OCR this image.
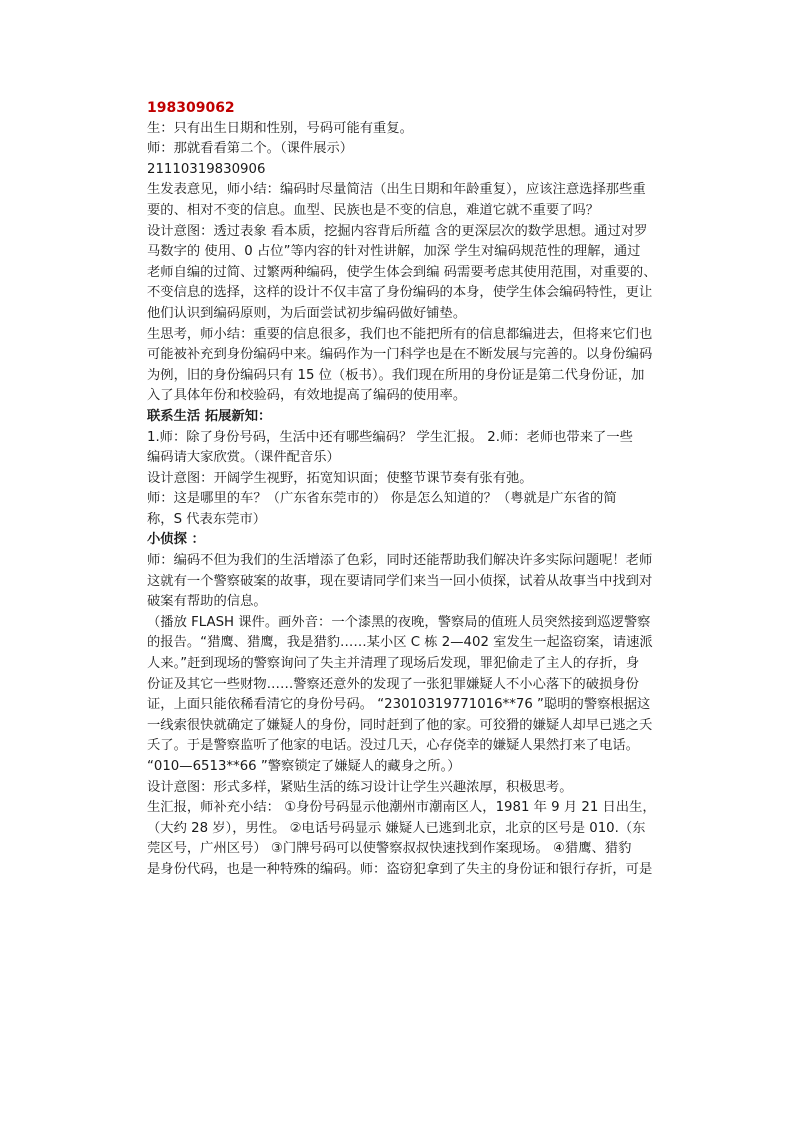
198309062
生：只有出生日期和性别，号码可能有重复。
师：那就看看第二个。（课件展示）
21110319830906
生发表意见，师小结：编码时尽量简洁（出生日期和年龄重复），应该注意选择那些重
要的、相对不变的信息。血型、民族也是不变的信息，难道它就不重要了吗？
设计意图：透过表象 看本质，挖掘内容背后所蕴 含的更深层次的数学思想。通过对罗
马数字的 使用、0 占位”等内容的针对性讲解，加深 学生对编码规范性的理解，通过
老师自编的过简、过繁两种编码，使学生体会到编 码需要考虑其使用范围，对重要的、
不变信息的选择，这样的设计不仅丰富了身份编码的本身，使学生体会编码特性，更让
他们认识到编码原则，为后面尝试初步编码做好铺垫。
生思考，师小结：重要的信息很多，我们也不能把所有的信息都编进去，但将来它们也
可能被补充到身份编码中来。编码作为一门科学也是在不断发展与完善的。以身份编码
为例，旧的身份编码只有 15 位（板书）。我们现在所用的身份证是第二代身份证，加
入了具体年份和校验码，有效地提高了编码的使用率。
联系生活 拓展新知：
1.师：除了身份号码，生活中还有哪些编码？ 学生汇报。 2.师：老师也带来了一些
编码请大家欣赏。（课件配音乐）
设计意图：开阔学生视野，拓宽知识面；使整节课节奏有张有弛。
师：这是哪里的车？（广东省东莞市的） 你是怎么知道的？（粤就是广东省的简
称，S 代表东莞市）
小侦探 ：
师：编码不但为我们的生活增添了色彩，同时还能帮助我们解决许多实际问题呢！老师
这就有一个警察破案的故事，现在要请同学们来当一回小侦探，试着从故事当中找到对
破案有帮助的信息。
（播放 FLASH 课件。画外音：一个漆黑的夜晚，警察局的值班人员突然接到巡逻警察
的报告。“猎鹰、猎鹰，我是猎豹……某小区 C 栋 2—402 室发生一起盗窃案，请速派
人来。”赶到现场的警察询问了失主并清理了现场后发现，罪犯偷走了主人的存折，身
份证及其它一些财物……警察还意外的发现了一张犯罪嫌疑人不小心落下的破损身份
证，上面只能依稀看清它的身份号码。 “23010319771016**76 ”聪明的警察根据这
一线索很快就确定了嫌疑人的身份，同时赶到了他的家。可狡猾的嫌疑人却早已逃之夭
夭了。于是警察监听了他家的电话。没过几天，心存侥幸的嫌疑人果然打来了电话。
“010—6513**66 ”警察锁定了嫌疑人的藏身之所。）
设计意图：形式多样，紧贴生活的练习设计让学生兴趣浓厚，积极思考。
生汇报，师补充小结： ①身份号码显示他潮州市潮南区人，1981 年 9 月 21 日出生，
（大约 28 岁），男性。 ②电话号码显示 嫌疑人已逃到北京，北京的区号是 010.（东
莞区号，广州区号） ③门牌号码可以使警察叔叔快速找到作案现场。 ④猎鹰、猎豹
是身份代码，也是一种特殊的编码。师：盗窃犯拿到了失主的身份证和银行存折，可是
